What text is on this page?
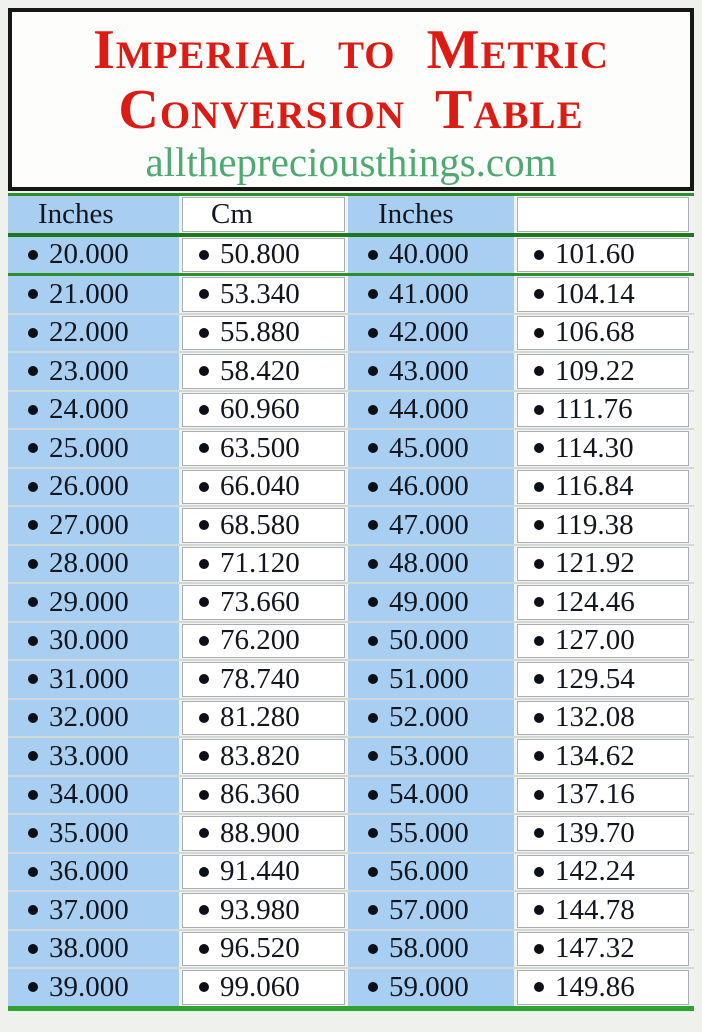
Imperial to Metric
Conversion Table
allthepreciousthings.com
Inches	Cm	Inches
20.000	50.800	40.000	101.60
21.000	53.340	41.000	104.14
22.000	55.880	42.000	106.68
23.000	58.420	43.000	109.22
24.000	60.960	44.000	111.76
25.000	63.500	45.000	114.30
26.000	66.040	46.000	116.84
27.000	68.580	47.000	119.38
28.000	71.120	48.000	121.92
29.000	73.660	49.000	124.46
30.000	76.200	50.000	127.00
31.000	78.740	51.000	129.54
32.000	81.280	52.000	132.08
33.000	83.820	53.000	134.62
34.000	86.360	54.000	137.16
35.000	88.900	55.000	139.70
36.000	91.440	56.000	142.24
37.000	93.980	57.000	144.78
38.000	96.520	58.000	147.32
39.000	99.060	59.000	149.86
